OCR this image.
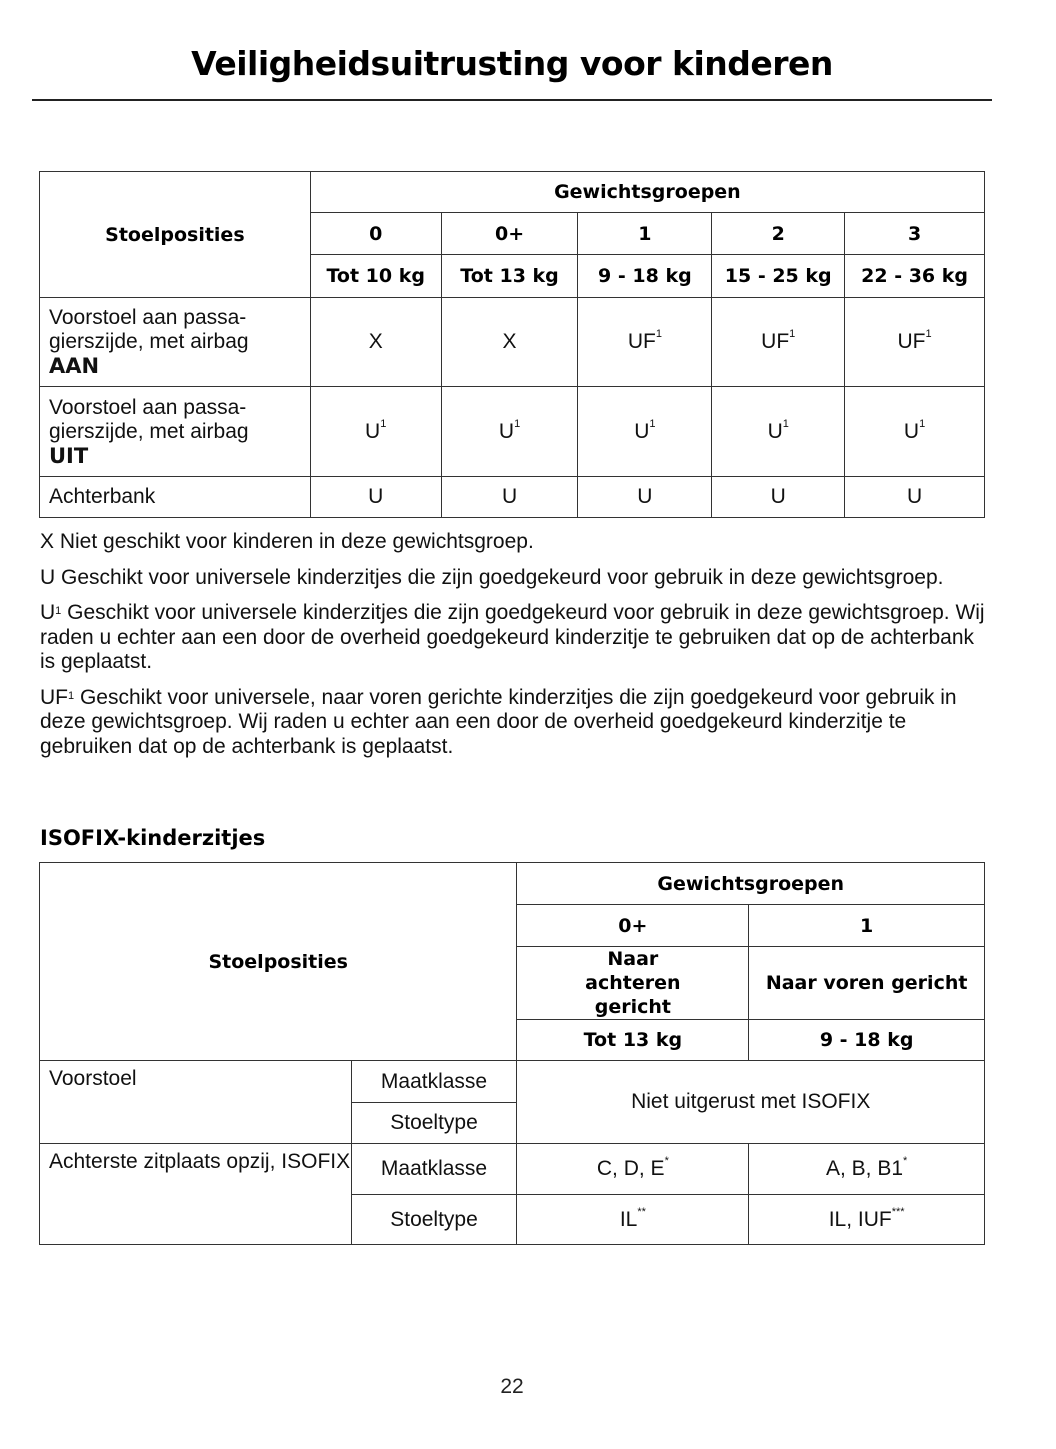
Veiligheidsuitrusting voor kinderen
Stoelposities	Gewichtsgroepen				
	0	0+	1	2	3
	Tot 10 kg	Tot 13 kg	9 - 18 kg	15 - 25 kg	22 - 36 kg

Voorstoel aan passa-
gierszijde, met airbag
AAN	X	X	$UF^1$	$UF^1$	$UF^1$

Voorstoel aan passa-
gierszijde, met airbag
UIT	$U^1$	$U^1$	$U^1$	$U^1$	$U^1$
Achterbank	U	U	U	U	U

X Niet geschikt voor kinderen in deze gewichtsgroep.

U Geschikt voor universele kinderzitjes die zijn goedgekeurd voor gebruik in deze gewichtsgroep.

$U^1$ Geschikt voor universele kinderzitjes die zijn goedgekeurd voor gebruik in deze gewichtsgroep. Wij raden u echter aan een door de overheid goedgekeurd kinderzitje te gebruiken dat op de achterbank is geplaatst.

$UF^1$ Geschikt voor universele, naar voren gerichte kinderzitjes die zijn goedgekeurd voor gebruik in deze gewichtsgroep. Wij raden u echter aan een door de overheid goedgekeurd kinderzitje te gebruiken dat op de achterbank is geplaatst.

ISOFIX-kinderzitjes
Stoelposities		Gewichtsgroepen	
		0+	1

		Naar achteren gericht	Naar voren gericht
		Tot 13 kg	9 - 18 kg
Voorstoel	Maatklasse	Niet uitgerust met ISOFIX	
	Stoeltype		
Achterste zitplaats opzij, ISOFIX	Maatklasse	C, D, E*	A, B, B1*
	Stoeltype	IL**	IL, IUF***
22
